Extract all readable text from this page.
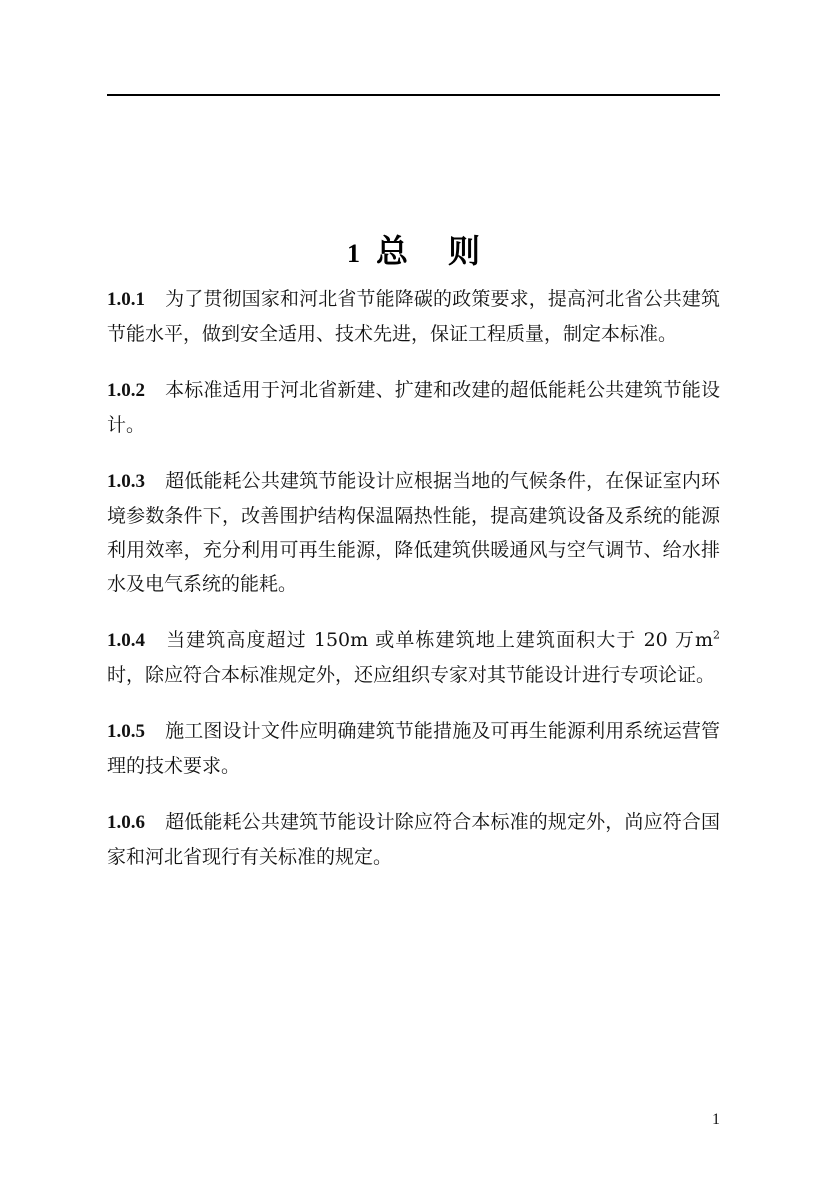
1 总则

1.0.1 为了贯彻国家和河北省节能降碳的政策要求，提高河北省公共建筑节能水平，做到安全适用、技术先进，保证工程质量，制定本标准。

1.0.2 本标准适用于河北省新建、扩建和改建的超低能耗公共建筑节能设计。

1.0.3 超低能耗公共建筑节能设计应根据当地的气候条件，在保证室内环境参数条件下，改善围护结构保温隔热性能，提高建筑设备及系统的能源利用效率，充分利用可再生能源，降低建筑供暖通风与空气调节、给水排水及电气系统的能耗。

1.0.4 当建筑高度超过 150m 或单栋建筑地上建筑面积大于 20 万$m^2$时，除应符合本标准规定外，还应组织专家对其节能设计进行专项论证。

1.0.5 施工图设计文件应明确建筑节能措施及可再生能源利用系统运营管理的技术要求。

1.0.6 超低能耗公共建筑节能设计除应符合本标准的规定外，尚应符合国家和河北省现行有关标准的规定。

1
